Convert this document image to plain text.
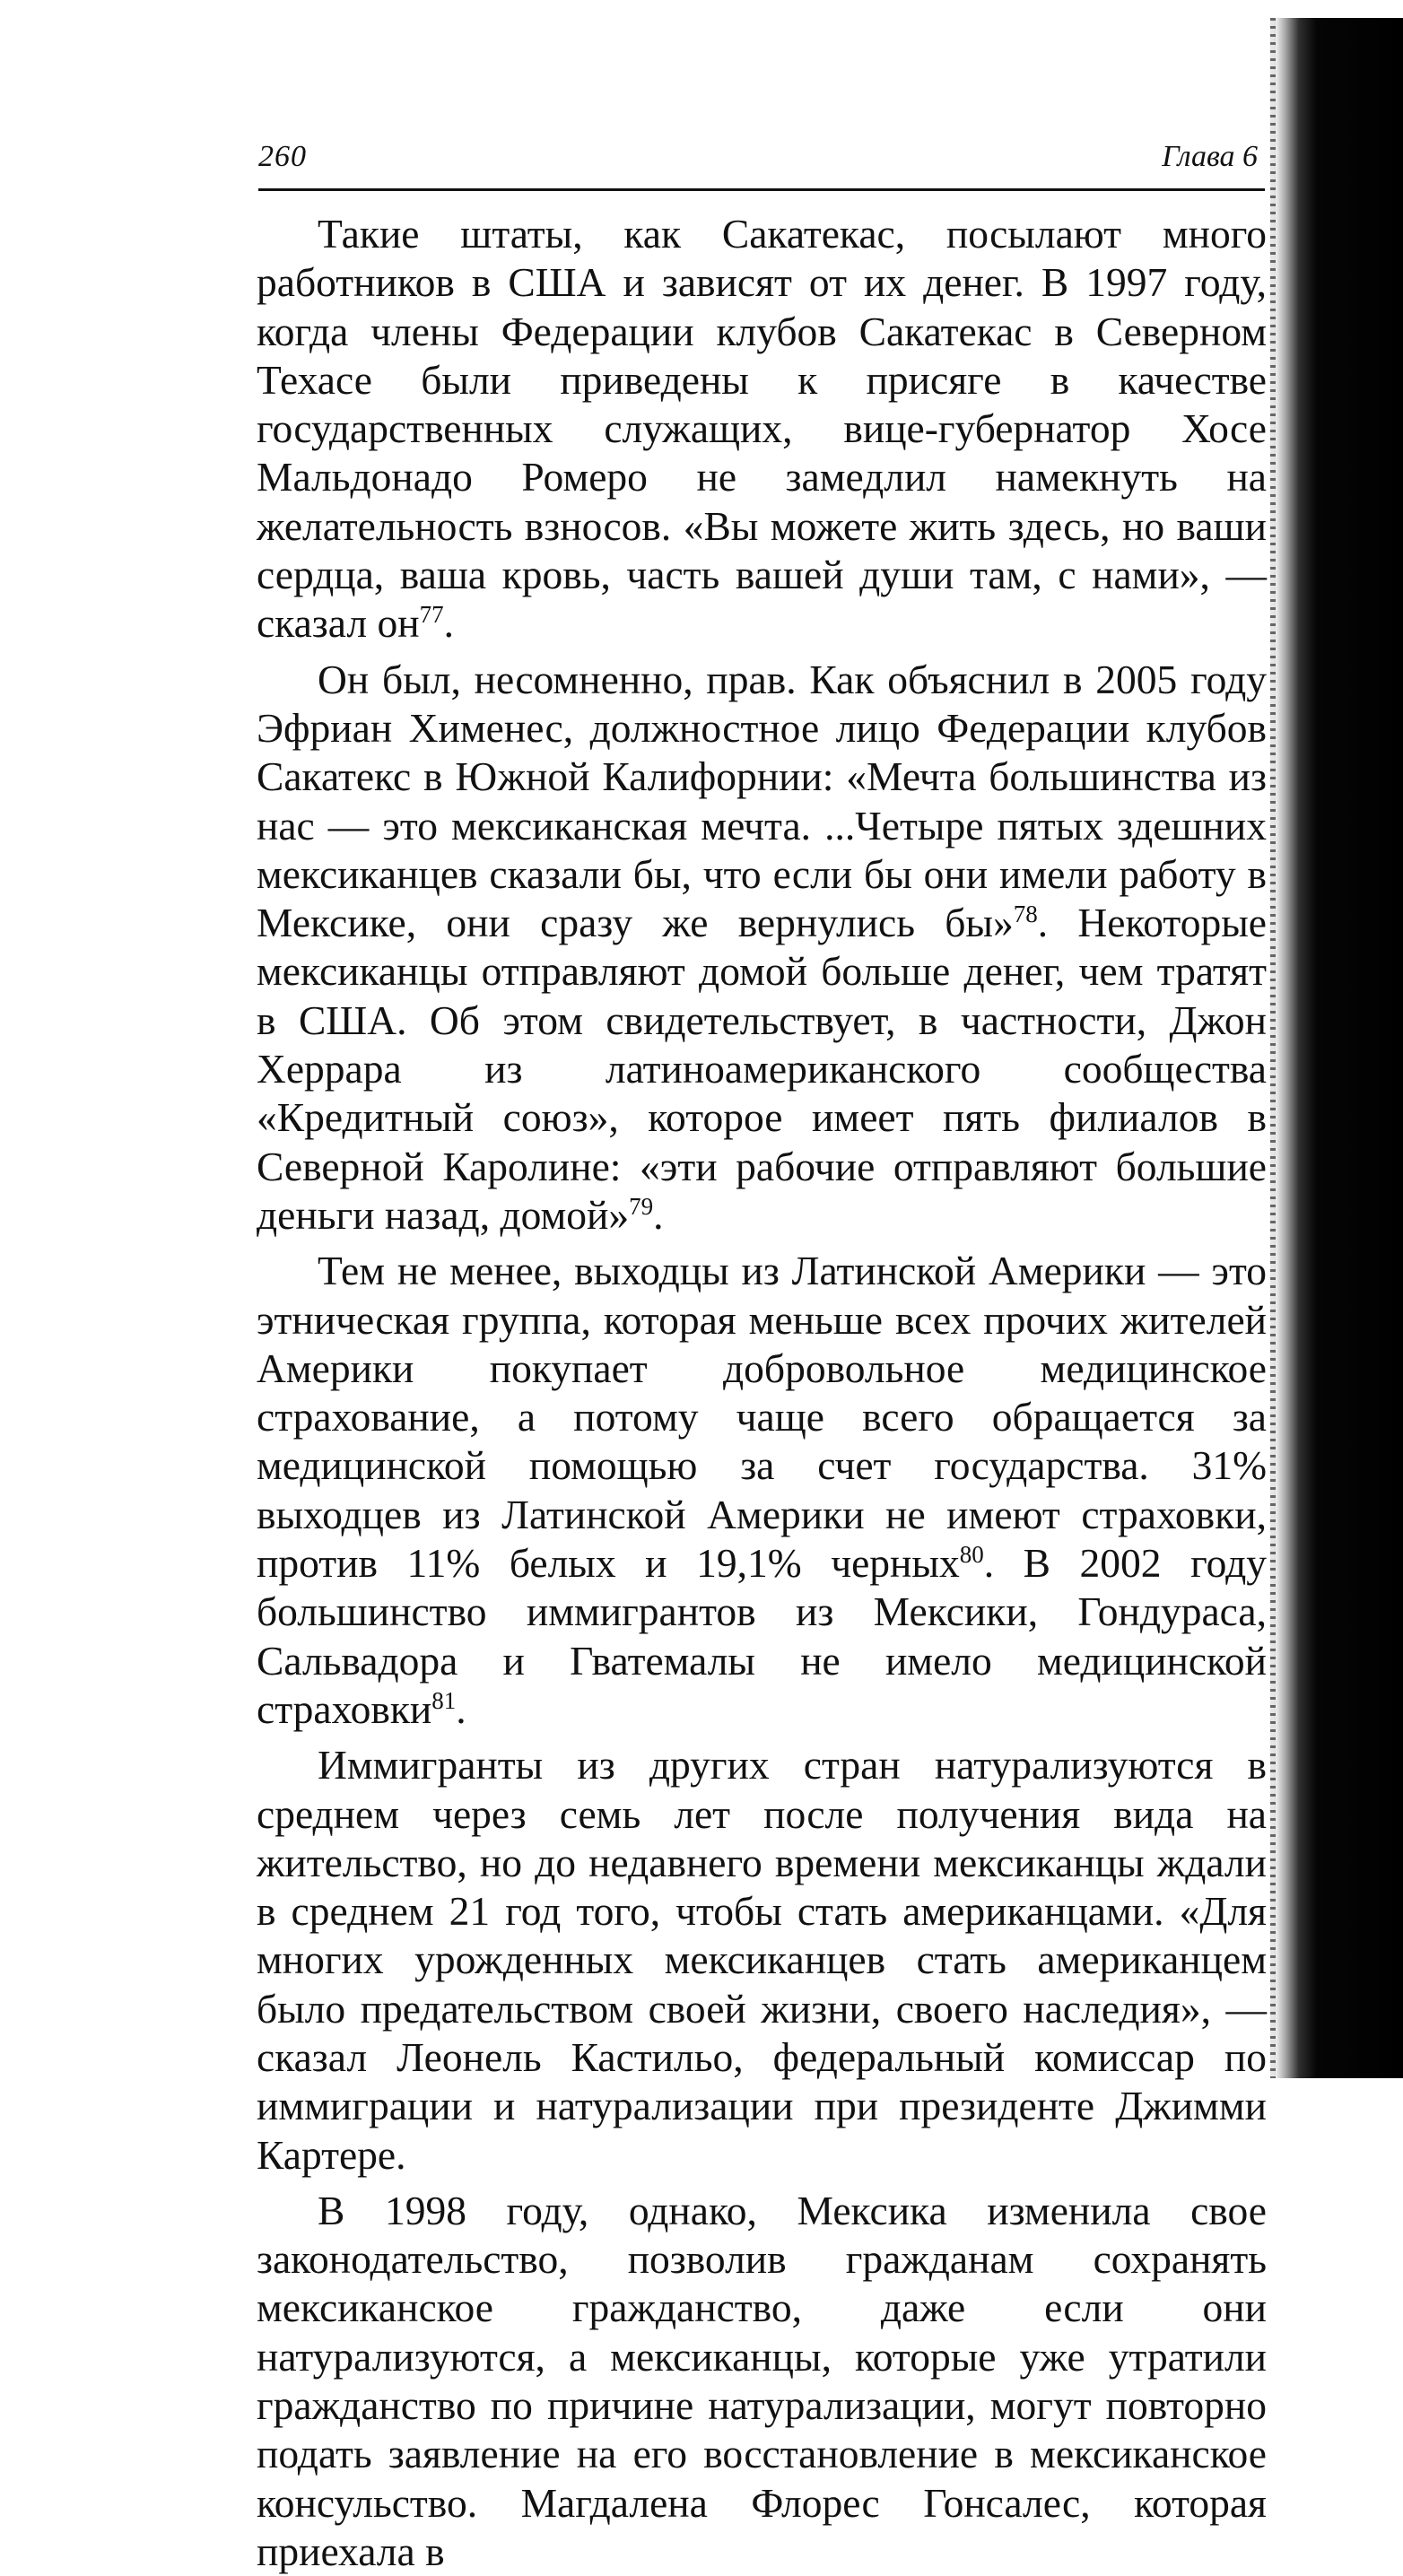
260	Глава 6

Такие штаты, как Сакатекас, посылают много работников в США и зависят от их денег. В 1997 году, когда члены Федерации клубов Сакатекас в Северном Техасе были приведены к присяге в качестве государственных служащих, вице-губернатор Хосе Мальдонадо Ромеро не замедлил намекнуть на желательность взносов. «Вы можете жить здесь, но ваши сердца, ваша кровь, часть вашей души там, с нами», — сказал он$^{77}$.

Он был, несомненно, прав. Как объяснил в 2005 году Эфриан Хименес, должностное лицо Федерации клубов Сакатекс в Южной Калифорнии: «Мечта большинства из нас — это мексиканская мечта. ...Четыре пятых здешних мексиканцев сказали бы, что если бы они имели работу в Мексике, они сразу же вернулись бы»$^{78}$. Некоторые мексиканцы отправляют домой больше денег, чем тратят в США. Об этом свидетельствует, в частности, Джон Херрара из латиноамериканского сообщества «Кредитный союз», которое имеет пять филиалов в Северной Каролине: «эти рабочие отправляют большие деньги назад, домой»$^{79}$.

Тем не менее, выходцы из Латинской Америки — это этническая группа, которая меньше всех прочих жителей Америки покупает добровольное медицинское страхование, а потому чаще всего обращается за медицинской помощью за счет государства. 31% выходцев из Латинской Америки не имеют страховки, против 11% белых и 19,1% черных$^{80}$. В 2002 году большинство иммигрантов из Мексики, Гондураса, Сальвадора и Гватемалы не имело медицинской страховки$^{81}$.

Иммигранты из других стран натурализуются в среднем через семь лет после получения вида на жительство, но до недавнего времени мексиканцы ждали в среднем 21 год того, чтобы стать американцами. «Для многих урожденных мексиканцев стать американцем было предательством своей жизни, своего наследия», — сказал Леонель Кастильо, федеральный комиссар по иммиграции и натурализации при президенте Джимми Картере.

В 1998 году, однако, Мексика изменила свое законодательство, позволив гражданам сохранять мексиканское гражданство, даже если они натурализуются, а мексиканцы, которые уже утратили гражданство по причине натурализации, могут повторно подать заявление на его восстановление в мексиканское консульство. Магдалена Флорес Гонсалес, которая приехала в
